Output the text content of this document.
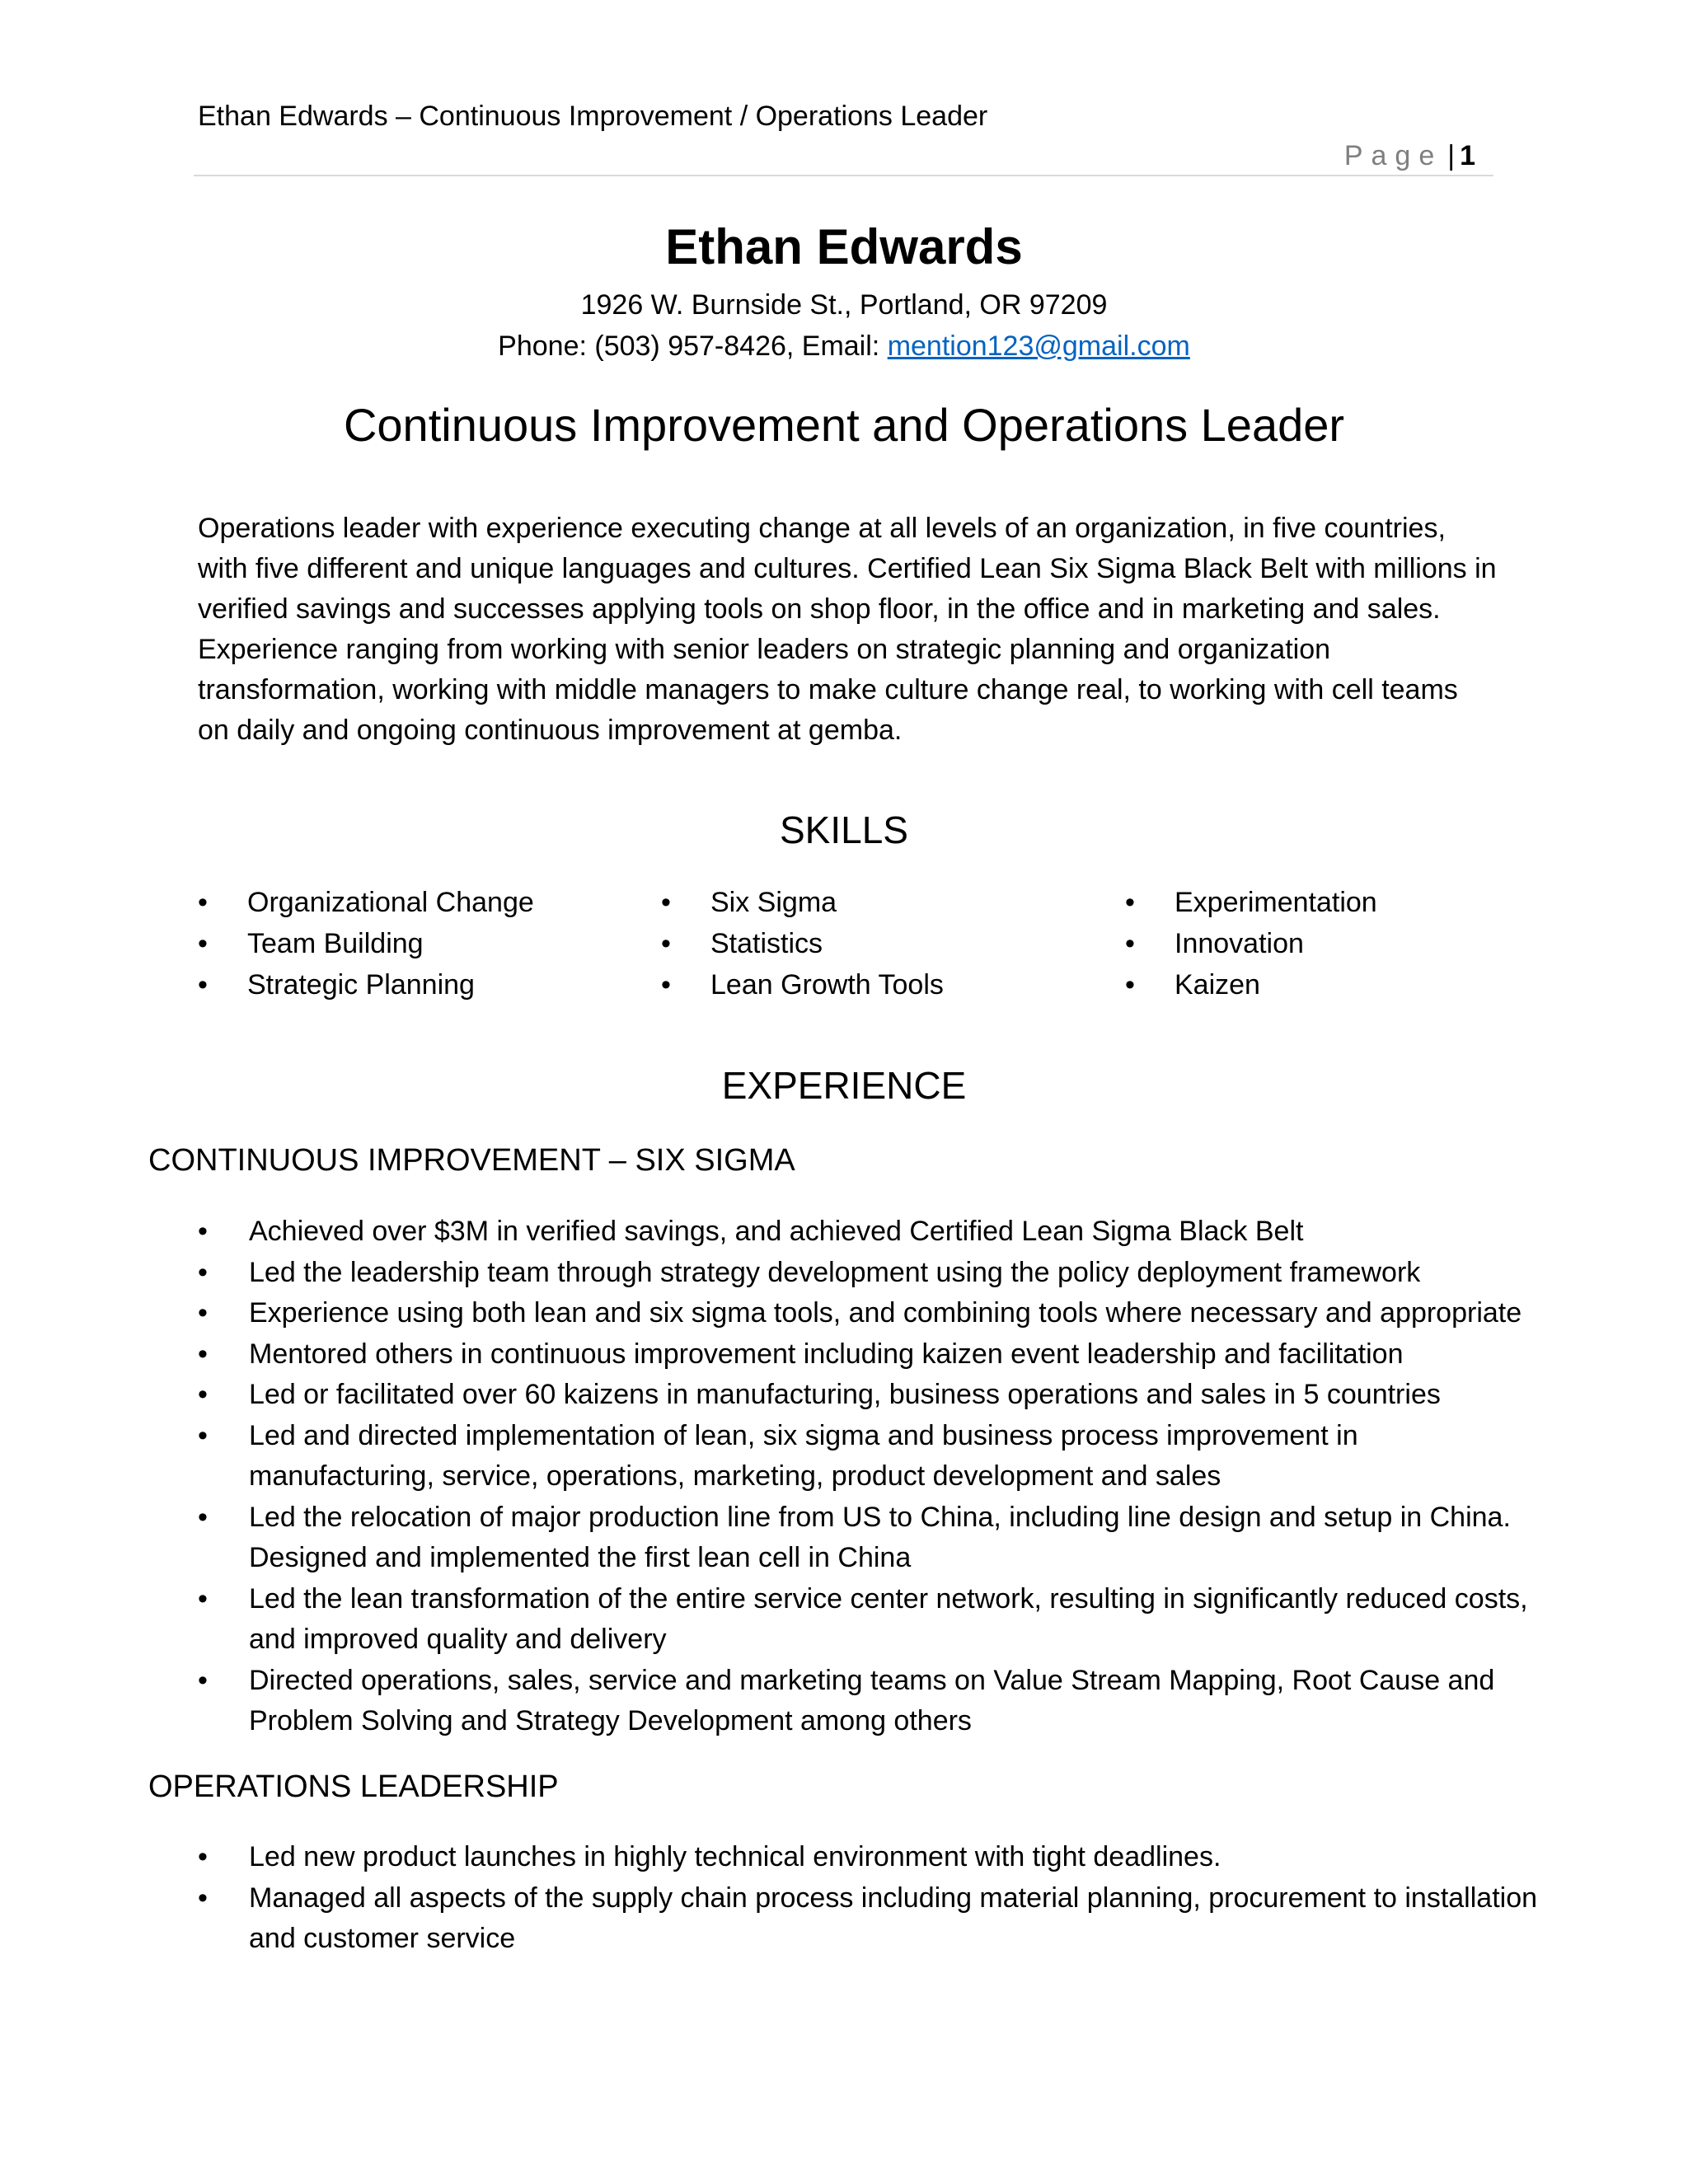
Ethan Edwards – Continuous Improvement / Operations Leader
Page | 1
Ethan Edwards
1926 W. Burnside St., Portland, OR 97209
Phone: (503) 957-8426, Email: mention123@gmail.com
Continuous Improvement and Operations Leader
Operations leader with experience executing change at all levels of an organization, in five countries,
with five different and unique languages and cultures. Certified Lean Six Sigma Black Belt with millions in
verified savings and successes applying tools on shop floor, in the office and in marketing and sales.
Experience ranging from working with senior leaders on strategic planning and organization
transformation, working with middle managers to make culture change real, to working with cell teams
on daily and ongoing continuous improvement at gemba.
SKILLS
• Organizational Change
• Team Building
• Strategic Planning
• Six Sigma
• Statistics
• Lean Growth Tools
• Experimentation
• Innovation
• Kaizen
EXPERIENCE
CONTINUOUS IMPROVEMENT – SIX SIGMA
• Achieved over $3M in verified savings, and achieved Certified Lean Sigma Black Belt
• Led the leadership team through strategy development using the policy deployment framework
• Experience using both lean and six sigma tools, and combining tools where necessary and appropriate
• Mentored others in continuous improvement including kaizen event leadership and facilitation
• Led or facilitated over 60 kaizens in manufacturing, business operations and sales in 5 countries
• Led and directed implementation of lean, six sigma and business process improvement in
manufacturing, service, operations, marketing, product development and sales
• Led the relocation of major production line from US to China, including line design and setup in China.
Designed and implemented the first lean cell in China
• Led the lean transformation of the entire service center network, resulting in significantly reduced costs,
and improved quality and delivery
• Directed operations, sales, service and marketing teams on Value Stream Mapping, Root Cause and
Problem Solving and Strategy Development among others
OPERATIONS LEADERSHIP
• Led new product launches in highly technical environment with tight deadlines.
• Managed all aspects of the supply chain process including material planning, procurement to installation
and customer service
